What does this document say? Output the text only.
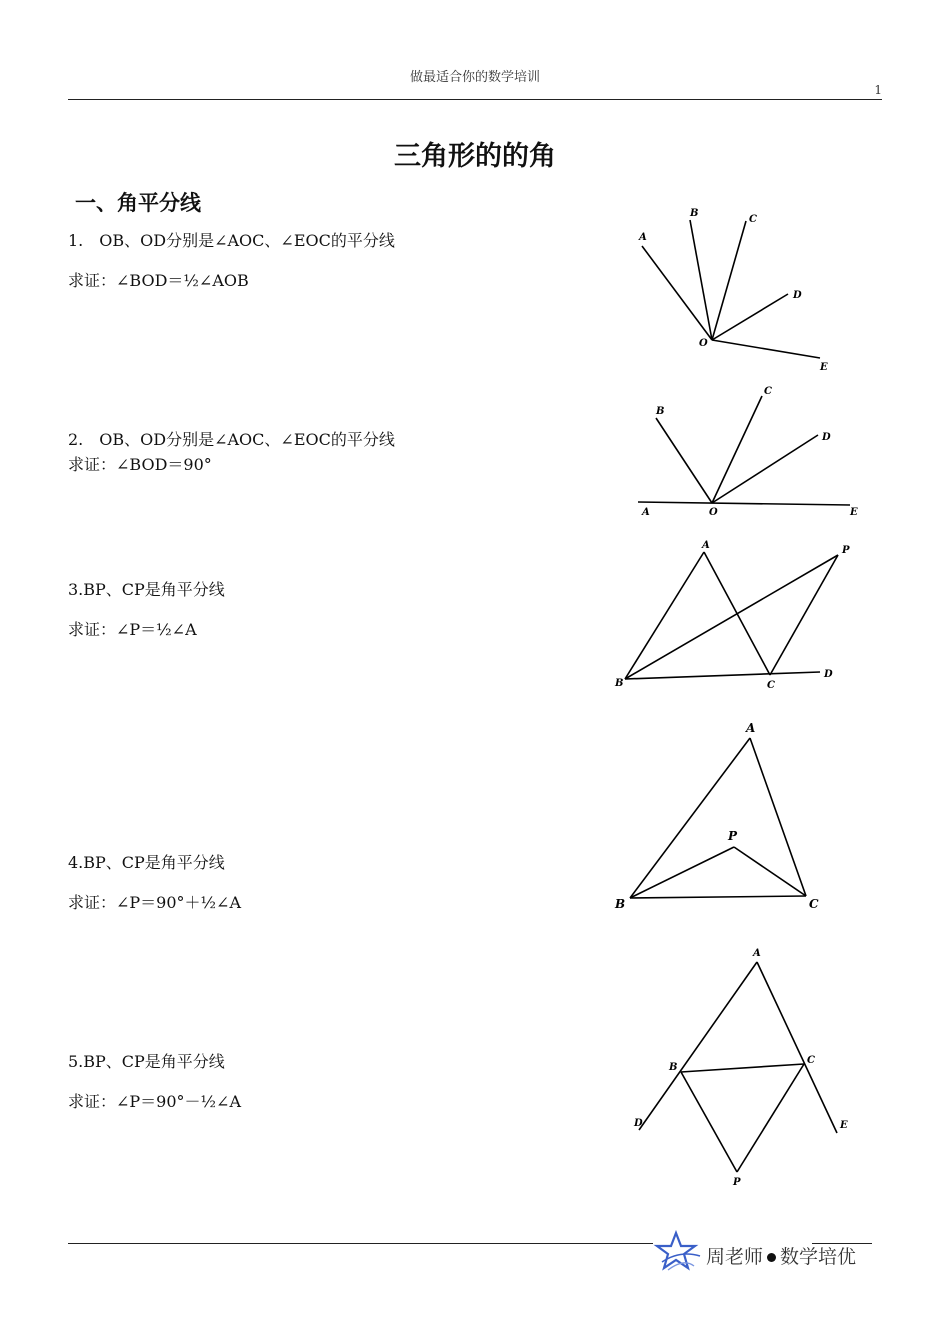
做最适合你的数学培训
1
三角形的的角
一、角平分线
1.　OB、OD分别是∠AOC、∠EOC的平分线
求证：∠BOD＝½∠AOB
2.　OB、OD分别是∠AOC、∠EOC的平分线
求证：∠BOD＝90°
3.BP、CP是角平分线
求证：∠P＝½∠A
4.BP、CP是角平分线
求证：∠P＝90°＋½∠A
5.BP、CP是角平分线
求证：∠P＝90°－½∠A
A
B
C
D
O
E
B
C
D
A	O	E
A	P
B	C
D
A
P
B	C
A
B
C
D	E
P
周老师 数学培优
